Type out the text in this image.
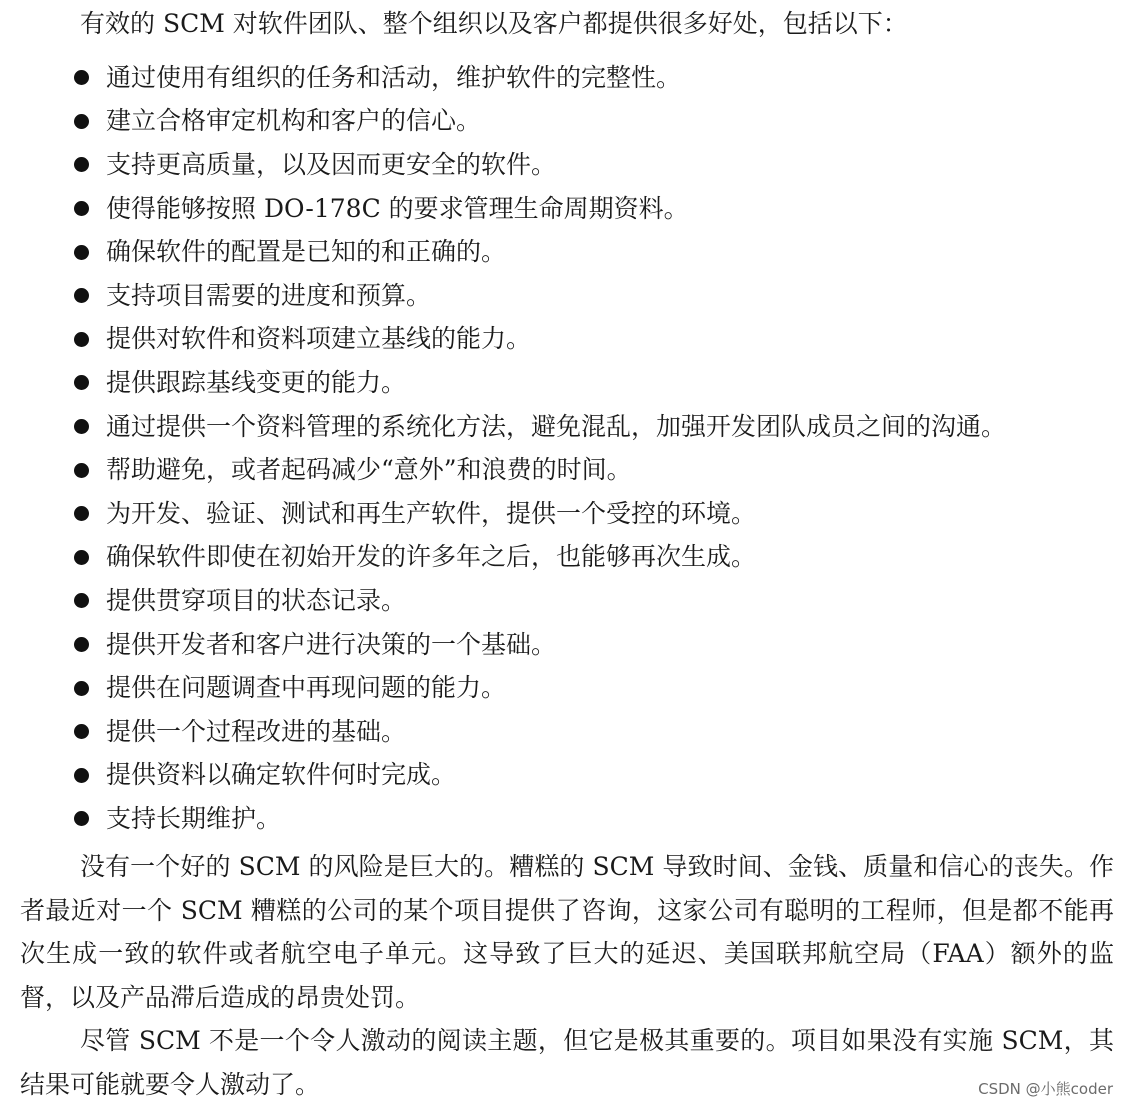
有效的 SCM 对软件团队、整个组织以及客户都提供很多好处，包括以下：
通过使用有组织的任务和活动，维护软件的完整性。
建立合格审定机构和客户的信心。
支持更高质量，以及因而更安全的软件。
使得能够按照 DO-178C 的要求管理生命周期资料。
确保软件的配置是已知的和正确的。
支持项目需要的进度和预算。
提供对软件和资料项建立基线的能力。
提供跟踪基线变更的能力。
通过提供一个资料管理的系统化方法，避免混乱，加强开发团队成员之间的沟通。
帮助避免，或者起码减少“意外”和浪费的时间。
为开发、验证、测试和再生产软件，提供一个受控的环境。
确保软件即使在初始开发的许多年之后，也能够再次生成。
提供贯穿项目的状态记录。
提供开发者和客户进行决策的一个基础。
提供在问题调查中再现问题的能力。
提供一个过程改进的基础。
提供资料以确定软件何时完成。
支持长期维护。

没有一个好的 SCM 的风险是巨大的。糟糕的 SCM 导致时间、金钱、质量和信心的丧失。作者最近对一个 SCM 糟糕的公司的某个项目提供了咨询，这家公司有聪明的工程师，但是都不能再次生成一致的软件或者航空电子单元。这导致了巨大的延迟、美国联邦航空局（FAA）额外的监督，以及产品滞后造成的昂贵处罚。

尽管 SCM 不是一个令人激动的阅读主题，但它是极其重要的。项目如果没有实施 SCM，其结果可能就要令人激动了。	CSDN @小熊coder
